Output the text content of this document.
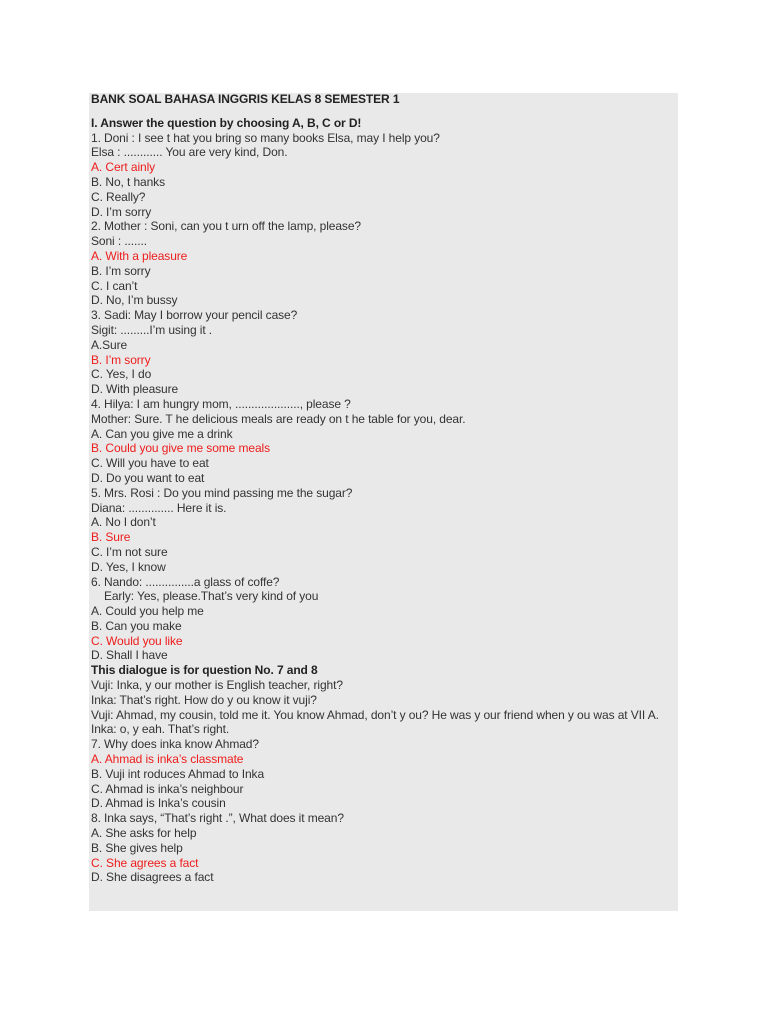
BANK SOAL BAHASA INGGRIS KELAS 8 SEMESTER 1
I. Answer the question by choosing A, B, C or D!
1. Doni : I see t hat you bring so many books Elsa, may I help you?
Elsa : ............ You are very kind, Don.
A. Cert ainly
B. No, t hanks
C. Really?
D. I’m sorry
2. Mother : Soni, can you t urn off the lamp, please?
Soni : .......
A. With a pleasure
B. I’m sorry
C. I can’t
D. No, I’m bussy
3. Sadi: May I borrow your pencil case?
Sigit: .........I’m using it .
A.Sure
B. I’m sorry
C. Yes, I do
D. With pleasure
4. Hilya: I am hungry mom, ...................., please ?
Mother: Sure. T he delicious meals are ready on t he table for you, dear.
A. Can you give me a drink
B. Could you give me some meals
C. Will you have to eat
D. Do you want to eat
5. Mrs. Rosi : Do you mind passing me the sugar?
Diana: .............. Here it is.
A. No I don’t
B. Sure
C. I’m not sure
D. Yes, I know
6. Nando: ...............a glass of coffe?
Early: Yes, please.That’s very kind of you
A. Could you help me
B. Can you make
C. Would you like
D. Shall I have
This dialogue is for question No. 7 and 8
Vuji: Inka, y our mother is English teacher, right?
Inka: That’s right. How do y ou know it vuji?
Vuji: Ahmad, my cousin, told me it. You know Ahmad, don’t y ou? He was y our friend when y ou was at VII A.
Inka: o, y eah. That’s right.
7. Why does inka know Ahmad?
A. Ahmad is inka’s classmate
B. Vuji int roduces Ahmad to Inka
C. Ahmad is inka’s neighbour
D. Ahmad is Inka’s cousin
8. Inka says, “That’s right .”, What does it mean?
A. She asks for help
B. She gives help
C. She agrees a fact
D. She disagrees a fact
